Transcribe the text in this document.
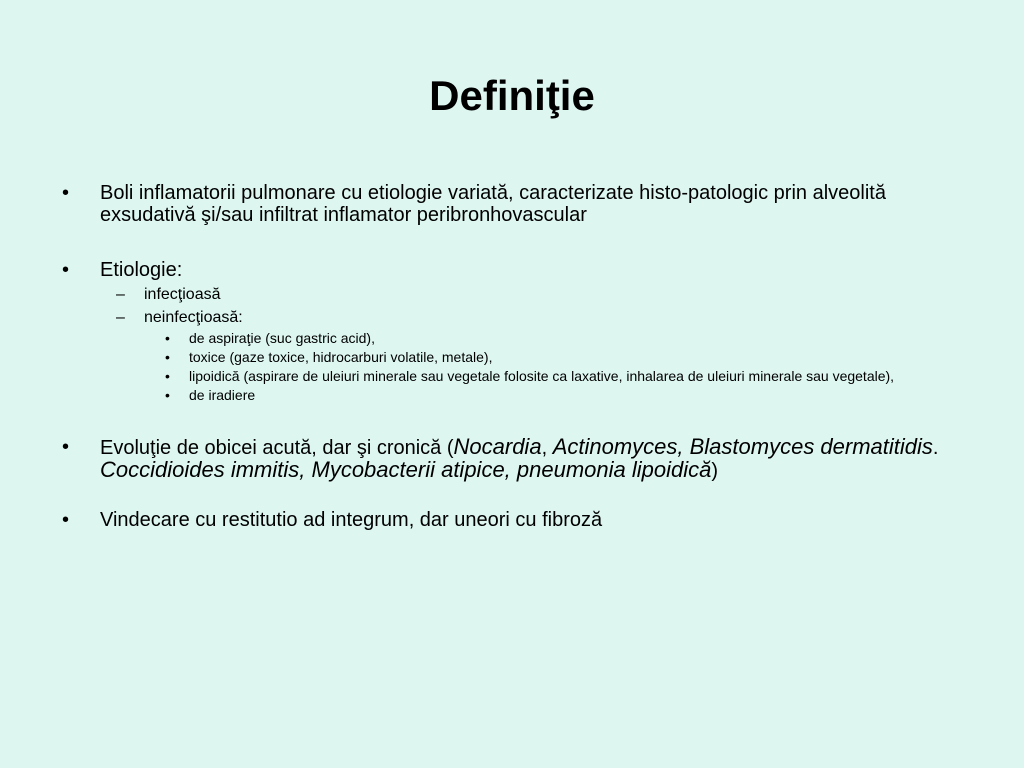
Definiţie
• Boli inflamatorii pulmonare cu etiologie variată, caracterizate histo-patologic prin alveolită exsudativă şi/sau infiltrat inflamator peribronhovascular
• Etiologie:
– infecţioasă
– neinfecţioasă:
• de aspiraţie (suc gastric acid),
• toxice (gaze toxice, hidrocarburi volatile, metale),
• lipoidică (aspirare de uleiuri minerale sau vegetale folosite ca laxative, inhalarea de uleiuri minerale sau vegetale),
• de iradiere
• Evoluţie de obicei acută, dar şi cronică (Nocardia, Actinomyces, Blastomyces dermatitidis. Coccidioides immitis, Mycobacterii atipice, pneumonia lipoidică)
• Vindecare cu restitutio ad integrum, dar uneori cu fibroză
